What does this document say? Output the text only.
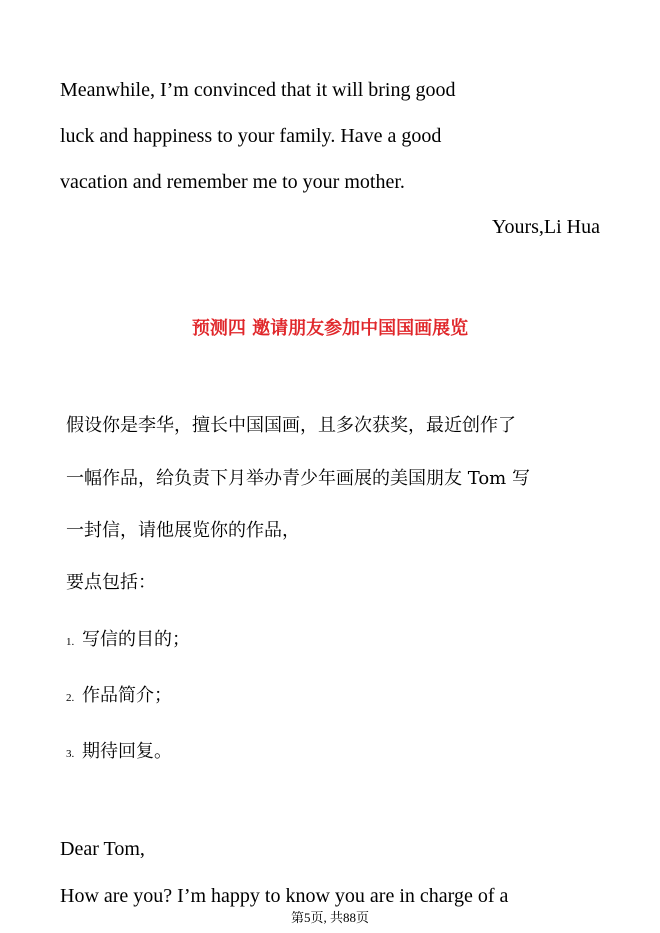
Meanwhile, I’m convinced that it will bring good
luck and happiness to your family. Have a good
vacation and remember me to your mother.
Yours,Li Hua
预测四 邀请朋友参加中国国画展览
假设你是李华，擅长中国国画，且多次获奖，最近创作了
一幅作品，给负责下月举办青少年画展的美国朋友 Tom 写
一封信，请他展览你的作品，
要点包括：
1. 写信的目的；
2. 作品简介；
3. 期待回复。
Dear Tom,
How are you? I’m happy to know you are in charge of a
第5页, 共88页
